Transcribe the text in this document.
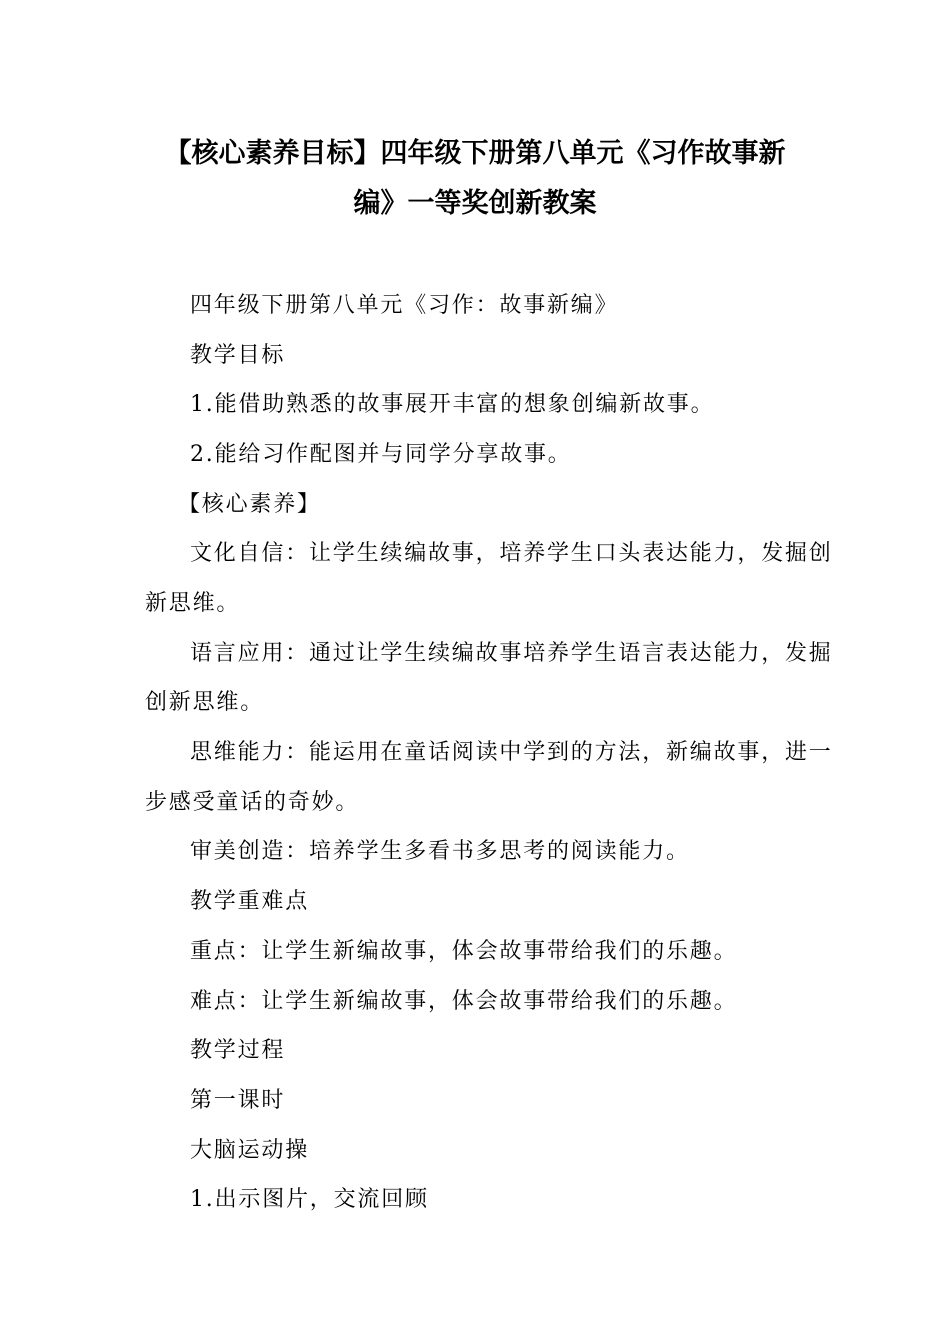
【核心素养目标】四年级下册第八单元《习作故事新
编》一等奖创新教案
四年级下册第八单元《习作：故事新编》
教学目标
1.能借助熟悉的故事展开丰富的想象创编新故事。
2.能给习作配图并与同学分享故事。
【核心素养】
文化自信：让学生续编故事，培养学生口头表达能力，发掘创
新思维。
语言应用：通过让学生续编故事培养学生语言表达能力，发掘
创新思维。
思维能力：能运用在童话阅读中学到的方法，新编故事，进一
步感受童话的奇妙。
审美创造：培养学生多看书多思考的阅读能力。
教学重难点
重点：让学生新编故事，体会故事带给我们的乐趣。
难点：让学生新编故事，体会故事带给我们的乐趣。
教学过程
第一课时
大脑运动操
1.出示图片，交流回顾
